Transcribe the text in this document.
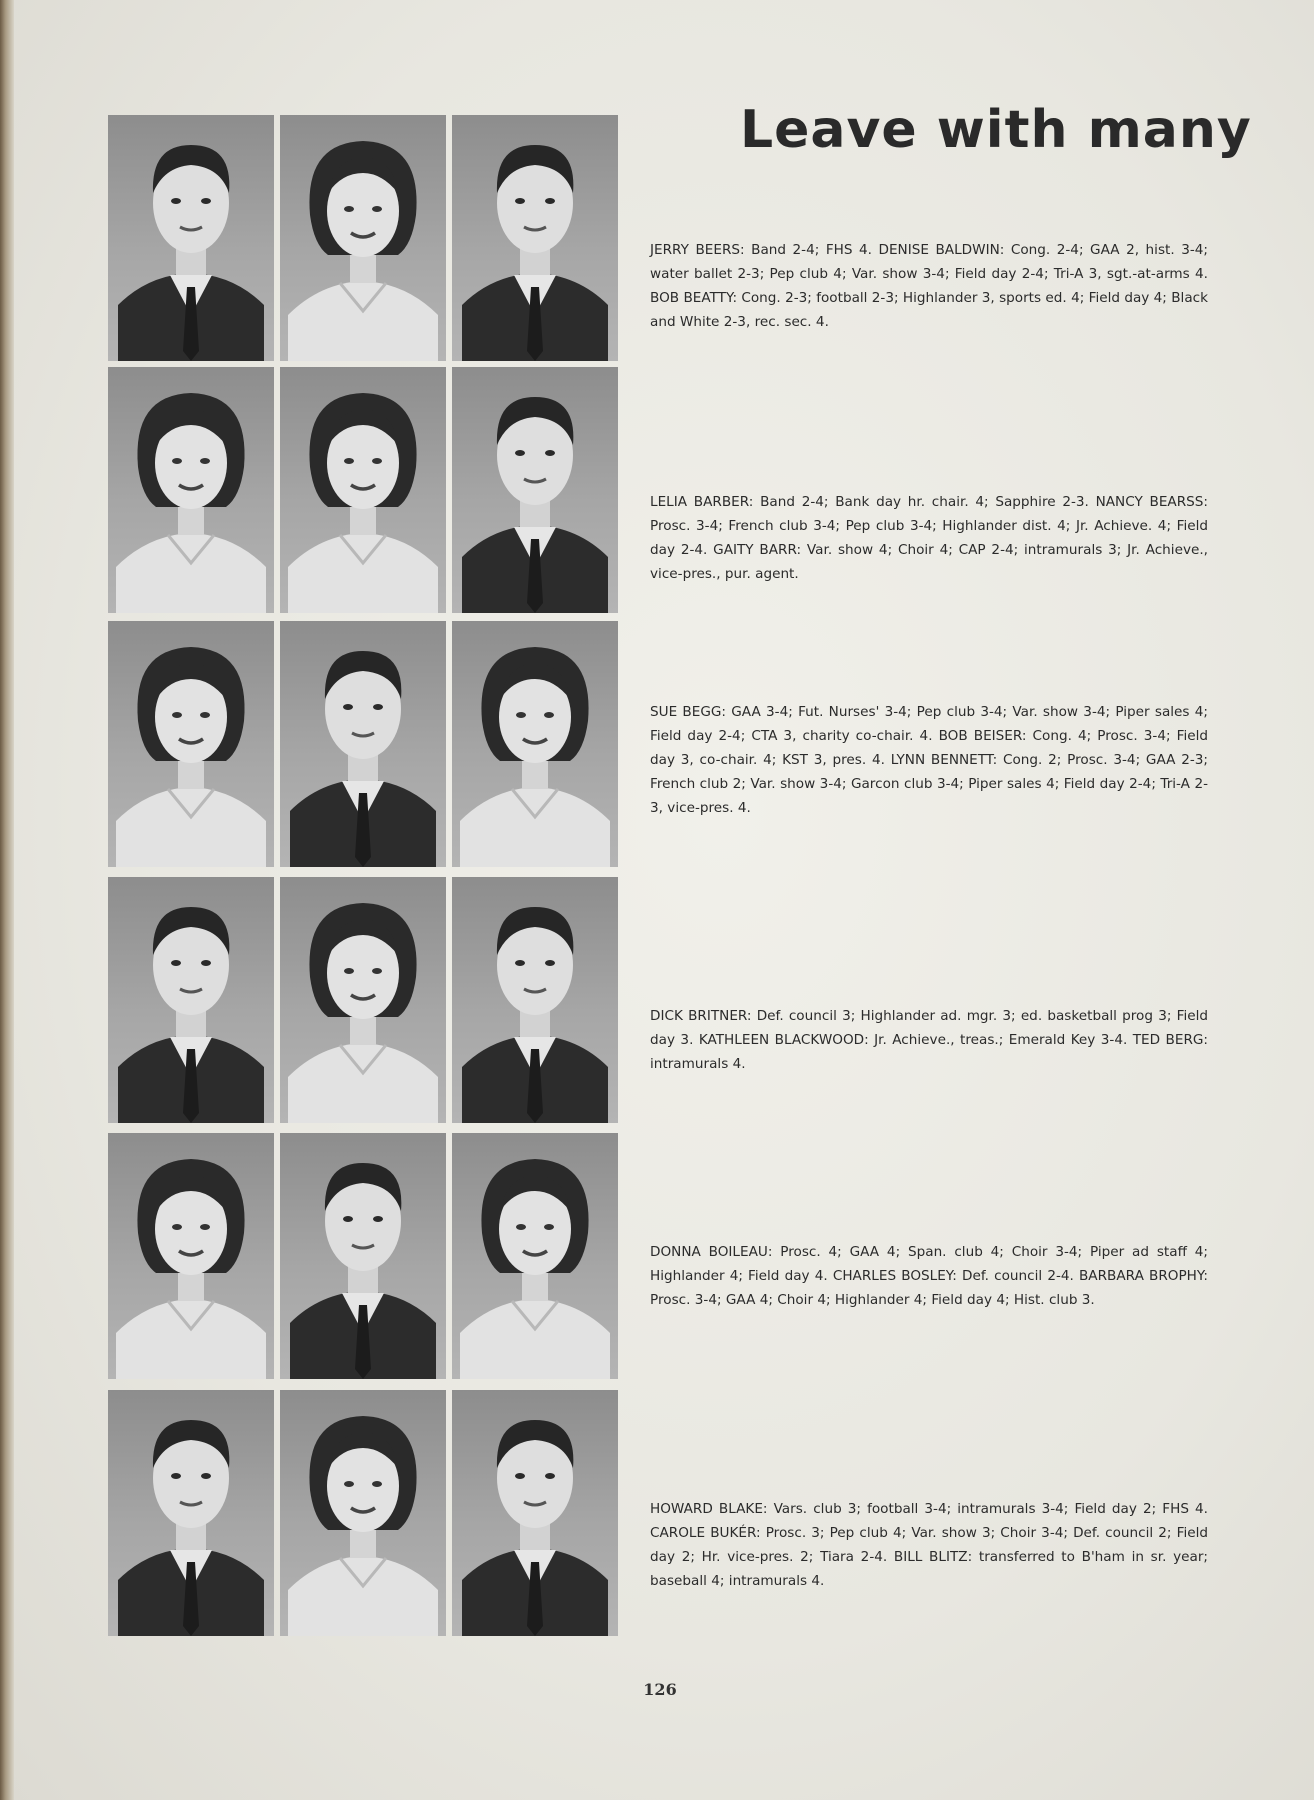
Leave with many
JERRY BEERS: Band 2-4; FHS 4. DENISE BALDWIN: Cong. 2-4; GAA 2, hist. 3-4; water ballet 2-3; Pep club 4; Var. show 3-4; Field day 2-4; Tri-A 3, sgt.-at-arms 4. BOB BEATTY: Cong. 2-3; football 2-3; Highlander 3, sports ed. 4; Field day 4; Black and White 2-3, rec. sec. 4.
LELIA BARBER: Band 2-4; Bank day hr. chair. 4; Sapphire 2-3. NANCY BEARSS: Prosc. 3-4; French club 3-4; Pep club 3-4; Highlander dist. 4; Jr. Achieve. 4; Field day 2-4. GAITY BARR: Var. show 4; Choir 4; CAP 2-4; intramurals 3; Jr. Achieve., vice-pres., pur. agent.
SUE BEGG: GAA 3-4; Fut. Nurses' 3-4; Pep club 3-4; Var. show 3-4; Piper sales 4; Field day 2-4; CTA 3, charity co-chair. 4. BOB BEISER: Cong. 4; Prosc. 3-4; Field day 3, co-chair. 4; KST 3, pres. 4. LYNN BENNETT: Cong. 2; Prosc. 3-4; GAA 2-3; French club 2; Var. show 3-4; Garcon club 3-4; Piper sales 4; Field day 2-4; Tri-A 2-3, vice-pres. 4.
DICK BRITNER: Def. council 3; Highlander ad. mgr. 3; ed. basketball prog 3; Field day 3. KATHLEEN BLACKWOOD: Jr. Achieve., treas.; Emerald Key 3-4. TED BERG: intramurals 4.
DONNA BOILEAU: Prosc. 4; GAA 4; Span. club 4; Choir 3-4; Piper ad staff 4; Highlander 4; Field day 4. CHARLES BOSLEY: Def. council 2-4. BARBARA BROPHY: Prosc. 3-4; GAA 4; Choir 4; Highlander 4; Field day 4; Hist. club 3.
HOWARD BLAKE: Vars. club 3; football 3-4; intramurals 3-4; Field day 2; FHS 4. CAROLE BUKÉR: Prosc. 3; Pep club 4; Var. show 3; Choir 3-4; Def. council 2; Field day 2; Hr. vice-pres. 2; Tiara 2-4. BILL BLITZ: transferred to B'ham in sr. year; baseball 4; intramurals 4.
126
